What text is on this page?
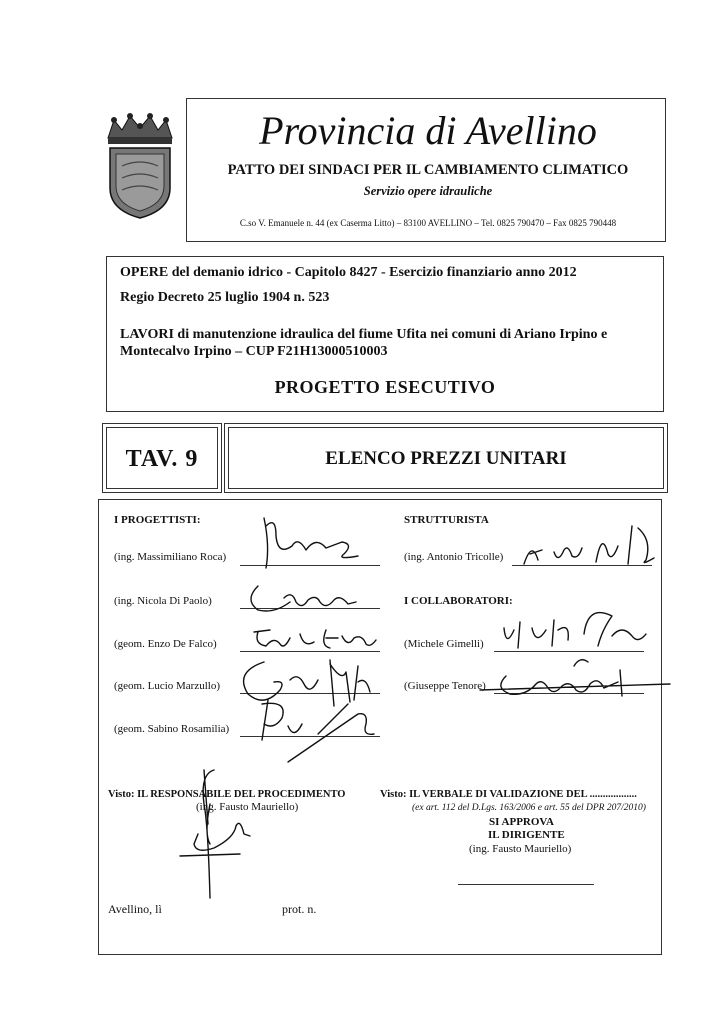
Provincia di Avellino
PATTO DEI SINDACI PER IL CAMBIAMENTO CLIMATICO
Servizio opere idrauliche
C.so V. Emanuele n. 44 (ex Caserma Litto) – 83100 AVELLINO – Tel. 0825 790470 – Fax 0825 790448
OPERE del demanio idrico - Capitolo 8427 - Esercizio finanziario anno 2012
Regio Decreto 25 luglio 1904 n. 523
LAVORI di manutenzione idraulica del fiume Ufita nei comuni di Ariano Irpino e
Montecalvo Irpino – CUP F21H13000510003
PROGETTO ESECUTIVO
TAV. 9	ELENCO PREZZI UNITARI
I PROGETTISTI:
(ing. Massimiliano Roca)
(ing. Nicola Di Paolo)
(geom. Enzo De Falco)
(geom. Lucio Marzullo)
(geom. Sabino Rosamilia)
STRUTTURISTA
(ing. Antonio Tricolle)
I COLLABORATORI:
(Michele Gimelli)
(Giuseppe Tenore)
Visto: IL RESPONSABILE DEL PROCEDIMENTO
(ing. Fausto Mauriello)
Visto: IL VERBALE DI VALIDAZIONE DEL ..................
(ex art. 112 del D.Lgs. 163/2006 e art. 55 del DPR 207/2010)
SI APPROVA
IL DIRIGENTE
(ing. Fausto Mauriello)
Avellino, lì	prot. n.
